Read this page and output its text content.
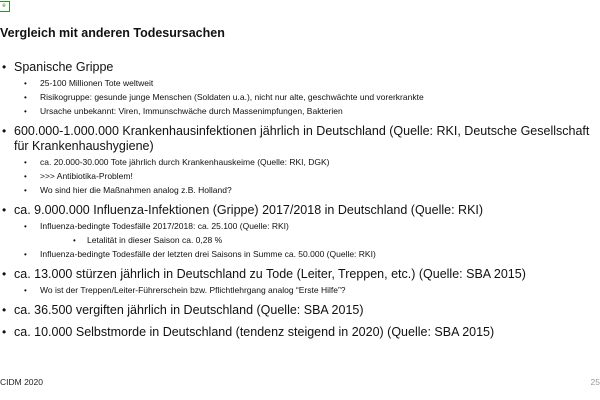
e
Vergleich mit anderen Todesursachen
• Spanische Grippe
• 25-100 Millionen Tote weltweit
• Risikogruppe: gesunde junge Menschen (Soldaten u.a.), nicht nur alte, geschwächte und vorerkrankte
• Ursache unbekannt: Viren, Immunschwäche durch Massenimpfungen, Bakterien
• 600.000-1.000.000 Krankenhausinfektionen jährlich in Deutschland (Quelle: RKI, Deutsche Gesellschaft für Krankenhaushygiene)
• ca. 20.000-30.000 Tote jährlich durch Krankenhauskeime (Quelle: RKI, DGK)
• >>> Antibiotika-Problem!
• Wo sind hier die Maßnahmen analog z.B. Holland?
• ca. 9.000.000 Influenza-Infektionen (Grippe) 2017/2018 in Deutschland (Quelle: RKI)
• Influenza-bedingte Todesfälle 2017/2018: ca. 25.100 (Quelle: RKI)
• Letalität in dieser Saison ca. 0,28 %
• Influenza-bedingte Todesfälle der letzten drei Saisons in Summe ca. 50.000 (Quelle: RKI)
• ca. 13.000 stürzen jährlich in Deutschland zu Tode (Leiter, Treppen, etc.) (Quelle: SBA 2015)
• Wo ist der Treppen/Leiter-Führerschein bzw. Pflichtlehrgang analog “Erste Hilfe”?
• ca. 36.500 vergiften jährlich in Deutschland (Quelle: SBA 2015)
• ca. 10.000 Selbstmorde in Deutschland (tendenz steigend in 2020) (Quelle: SBA 2015)
CIDM 2020	25
